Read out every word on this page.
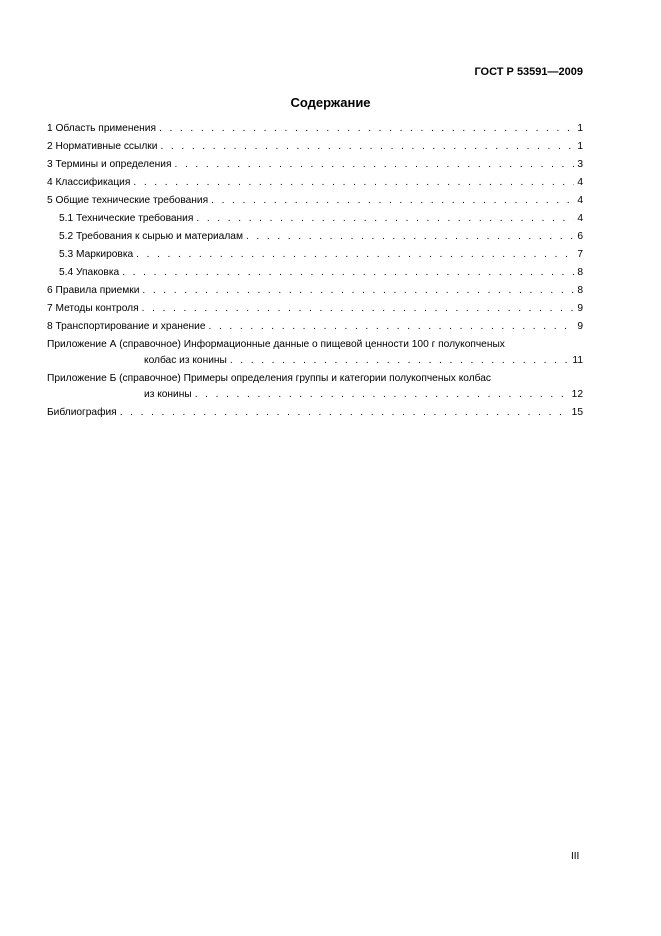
ГОСТ Р 53591—2009
Содержание
1 Область применения . . .	1
2 Нормативные ссылки . . .	1
3 Термины и определения . . .	3
4 Классификация . . .	4
5 Общие технические требования . . .	4
5.1 Технические требования . . .	4
5.2 Требования к сырью и материалам . . .	6
5.3 Маркировка . . .	7
5.4 Упаковка . . .	8
6 Правила приемки . . .	8
7 Методы контроля . . .	9
8 Транспортирование и хранение . . .	9
Приложение А (справочное) Информационные данные о пищевой ценности 100 г полукопченых
колбас из конины . . .	11
Приложение Б (справочное) Примеры определения группы и категории полукопченых колбас
из конины . . .	12
Библиография . . .	15
III
